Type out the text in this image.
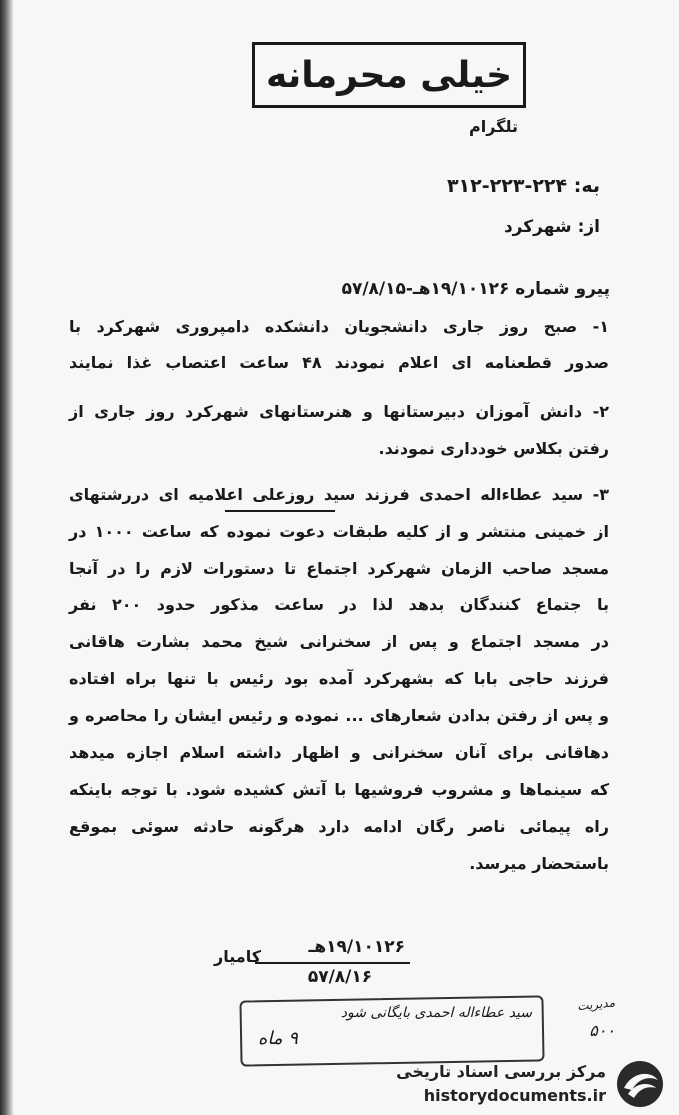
خیلی محرمانه
تلگرام
به: ۲۲۴-۲۲۳-۳۱۲
از: شهرکرد
پیرو شماره ۱۹/۱۰۱۲۶هـ-۵۷/۸/۱۵
۱- صبح روز جاری دانشجویان دانشکده دامپروری شهرکرد با
صدور قطعنامه ای اعلام نمودند ۴۸ ساعت اعتصاب غذا نمایند
۲- دانش آموزان دبیرستانها و هنرستانهای شهرکرد روز جاری از
رفتن بکلاس خودداری نمودند.
۳- سید عطاءاله احمدی فرزند سید روزعلی اعلامیه ای دررشتهای
از خمینی منتشر و از کلیه طبقات دعوت نموده که ساعت ۱۰۰۰ در
مسجد صاحب الزمان شهرکرد اجتماع تا دستورات لازم را در آنجا
با جتماع کنندگان بدهد لذا در ساعت مذکور حدود ۲۰۰ نفر
در مسجد اجتماع و پس از سخنرانی شیخ محمد بشارت هاقانی
فرزند حاجی بابا که بشهرکرد آمده بود رئیس با تنها براه افتاده
و پس از رفتن بدادن شعارهای ... نموده و رئیس ایشان را محاصره و
دهاقانی برای آنان سخنرانی و اظهار داشته اسلام اجازه میدهد
که سینماها و مشروب فروشیها با آتش کشیده شود. با توجه باینکه
راه پیمائی ناصر رگان ادامه دارد هرگونه حادثه سوئی بموقع
باستحضار میرسد.
۱۹/۱۰۱۲۶هـ
کامیار
۵۷/۸/۱۶
سید عطاءاله احمدی بایگانی شود
۹ ماه
مدیریت
۵۰۰
مرکز بررسی اسناد تاریخی
historydocuments.ir
